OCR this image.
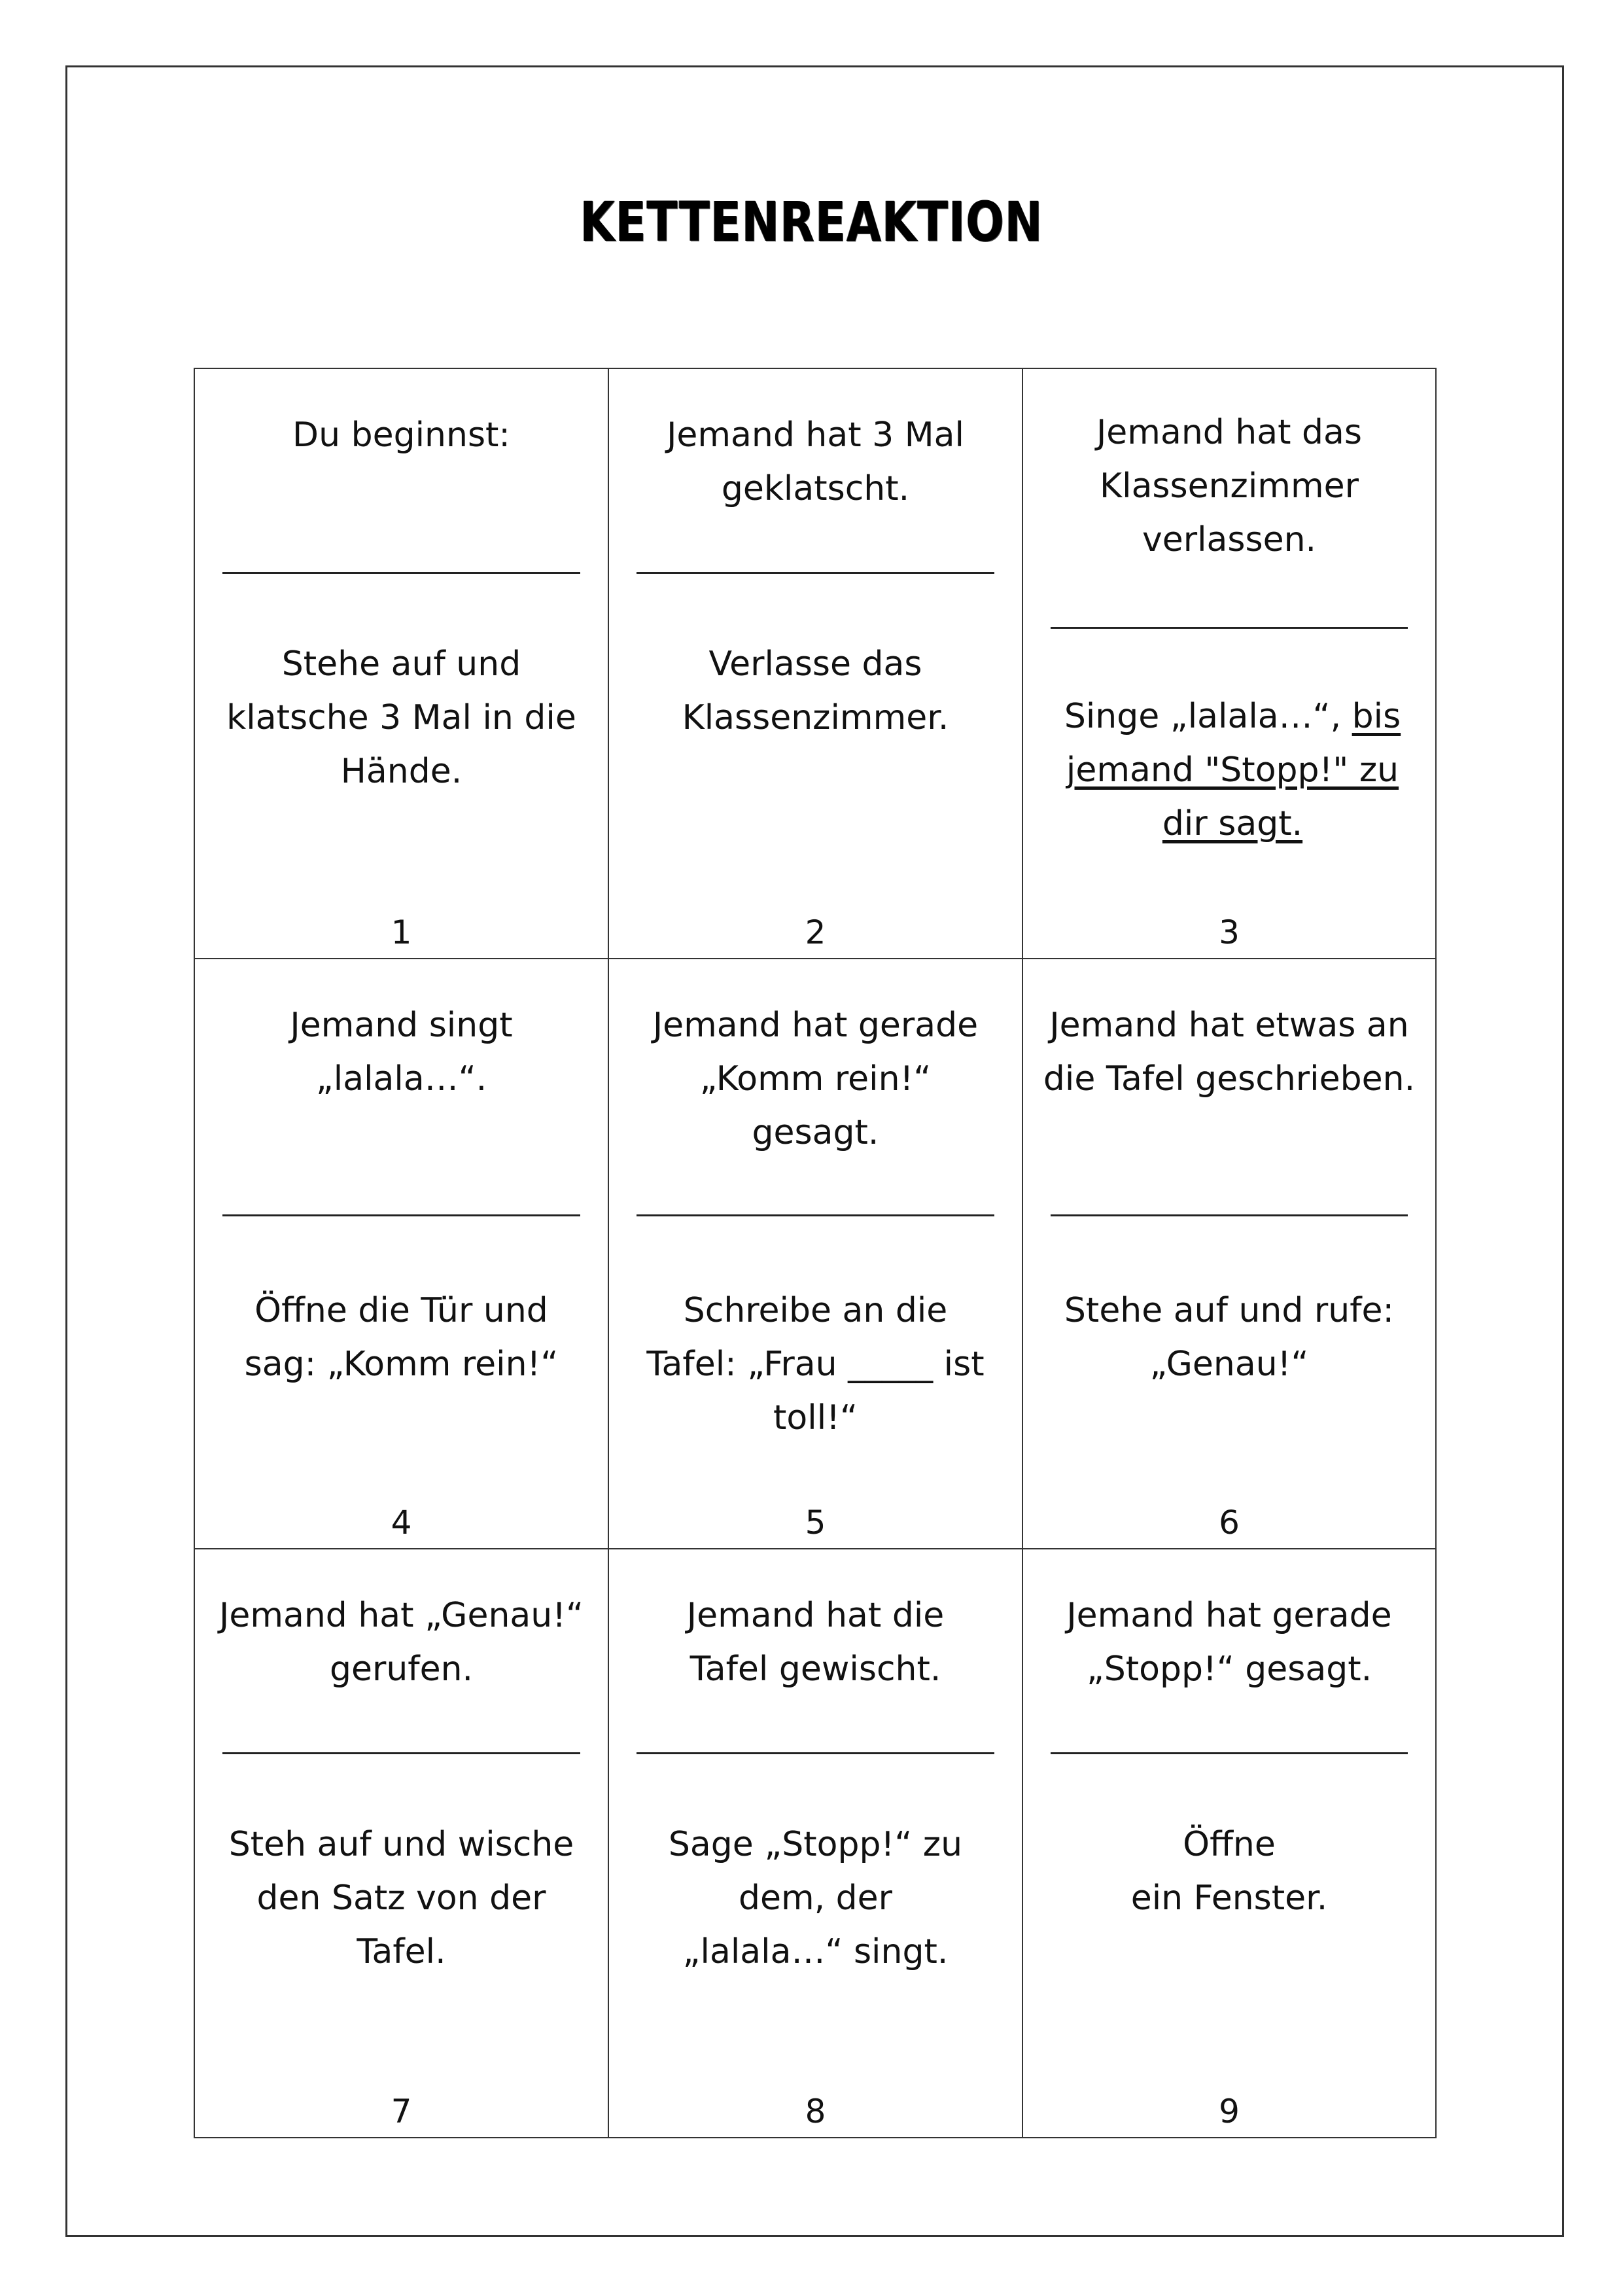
KETTENREAKTION
Du beginnst:
Stehe auf und klatsche 3 Mal in die Hände.
1
Jemand hat 3 Mal geklatscht.
Verlasse das Klassenzimmer.
2
Jemand hat das Klassenzimmer verlassen.
Singe „lalala…“, bis jemand "Stopp!" zu dir sagt.
3
Jemand singt „lalala…“.
Öffne die Tür und sag: „Komm rein!“
4
Jemand hat gerade „Komm rein!“ gesagt.
Schreibe an die Tafel: „Frau _____ ist toll!“
5
Jemand hat etwas an die Tafel geschrieben.
Stehe auf und rufe: „Genau!“
6
Jemand hat „Genau!“ gerufen.
Steh auf und wische den Satz von der Tafel.
7
Jemand hat die Tafel gewischt.
Sage „Stopp!“ zu dem, der „lalala…“ singt.
8
Jemand hat gerade „Stopp!“ gesagt.
Öffne
ein Fenster.
9
